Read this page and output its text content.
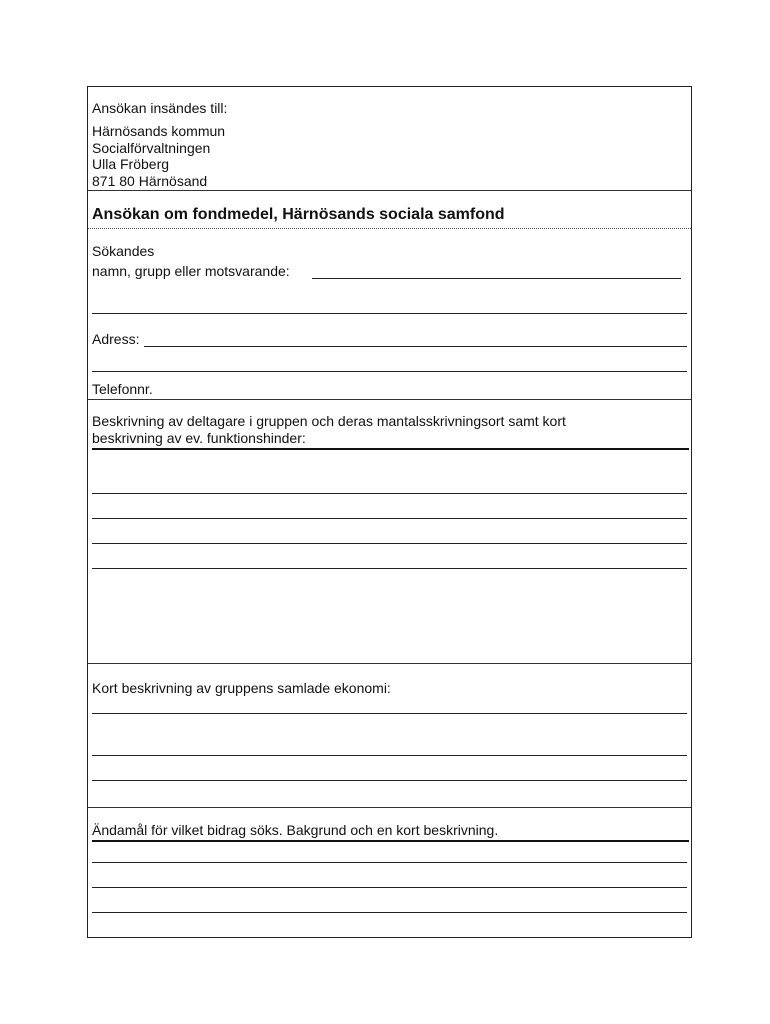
Ansökan insändes till:
Härnösands kommun
Socialförvaltningen
Ulla Fröberg
871 80 Härnösand
Ansökan om fondmedel, Härnösands sociala samfond
Sökandes
namn, grupp eller motsvarande:
Adress:
Telefonnr.
Beskrivning av deltagare i gruppen och deras mantalsskrivningsort samt kort
beskrivning av ev. funktionshinder:
Kort beskrivning av gruppens samlade ekonomi:
Ändamål för vilket bidrag söks. Bakgrund och en kort beskrivning.
